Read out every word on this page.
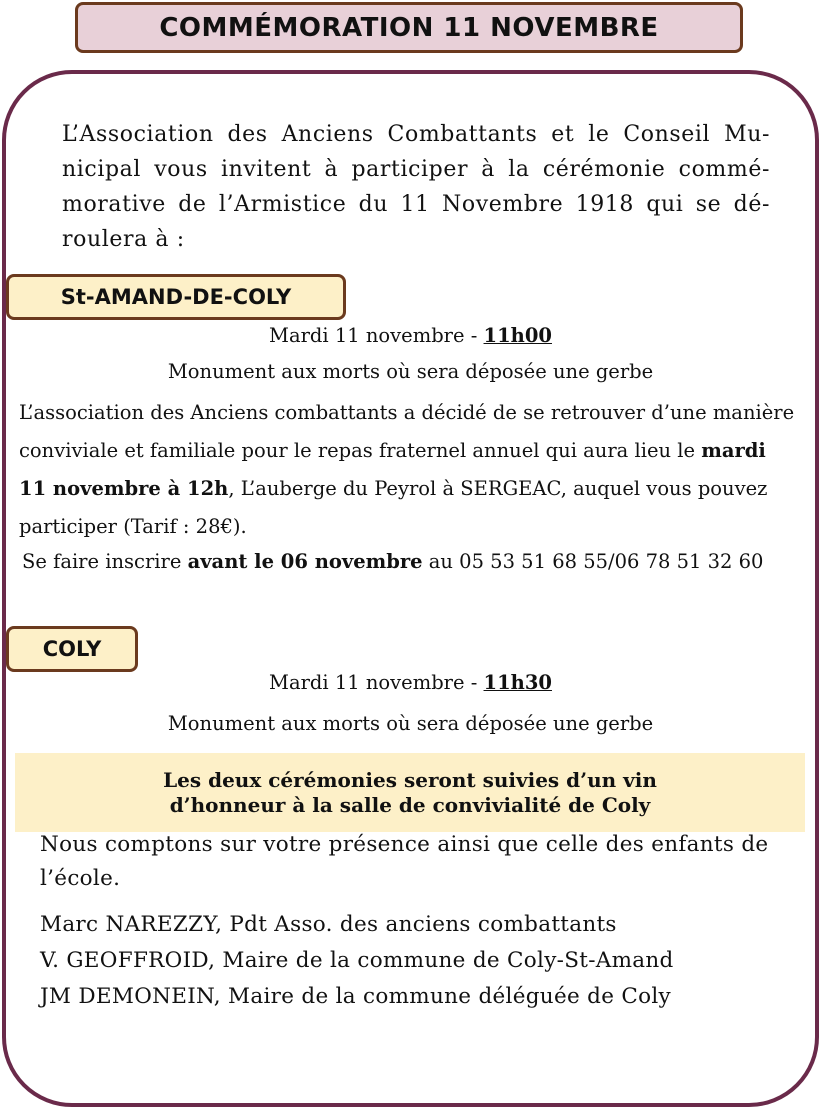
COMMÉMORATION 11 NOVEMBRE

L’Association des Anciens Combattants et le Conseil Mu-nicipal vous invitent à participer à la cérémonie commé-morative de l’Armistice du 11 Novembre 1918 qui se dé-roulera à :

St-AMAND-DE-COLY

Mardi 11 novembre - 11h00

Monument aux morts où sera déposée une gerbe

L’association des Anciens combattants a décidé de se retrouver d’une manière conviviale et familiale pour le repas fraternel annuel qui aura lieu le mardi 11 novembre à 12h, L’auberge du Peyrol à SERGEAC, auquel vous pouvez participer (Tarif : 28€).

Se faire inscrire avant le 06 novembre au 05 53 51 68 55/06 78 51 32 60

COLY

Mardi 11 novembre - 11h30

Monument aux morts où sera déposée une gerbe

Les deux cérémonies seront suivies d’un vin
d’honneur à la salle de convivialité de Coly

Nous comptons sur votre présence ainsi que celle des enfants de l’école.

Marc NAREZZY, Pdt Asso. des anciens combattants

V. GEOFFROID, Maire de la commune de Coly-St-Amand

JM DEMONEIN, Maire de la commune déléguée de Coly
